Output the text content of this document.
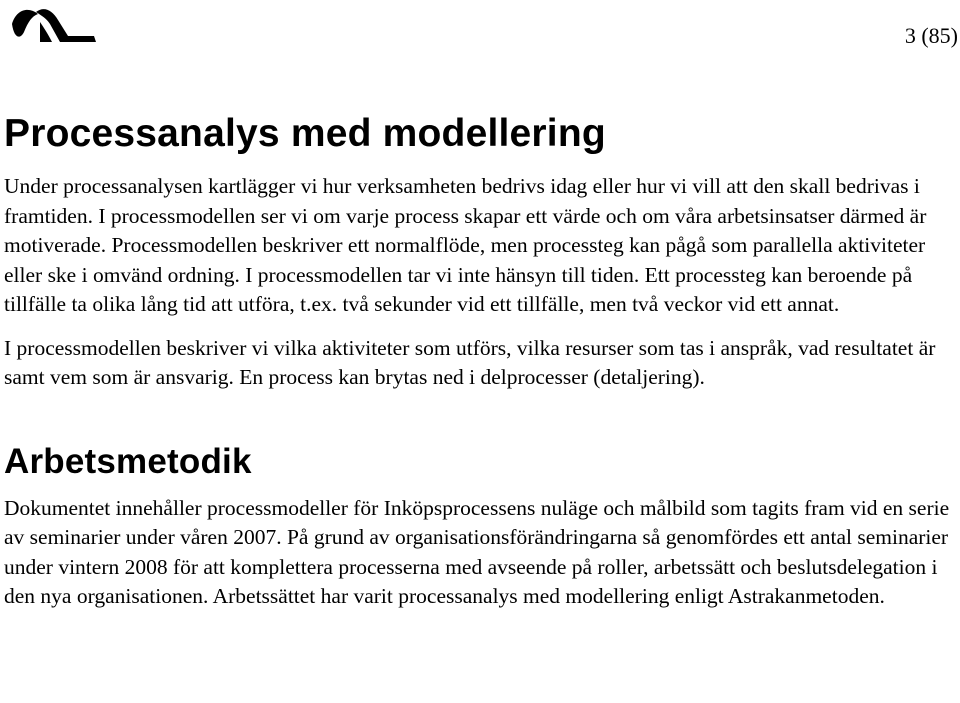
3 (85)
Processanalys med modellering

Under processanalysen kartlägger vi hur verksamheten bedrivs idag eller hur vi vill att den skall bedrivas i framtiden. I processmodellen ser vi om varje process skapar ett värde och om våra arbetsinsatser därmed är motiverade. Processmodellen beskriver ett normalflöde, men processteg kan pågå som parallella aktiviteter eller ske i omvänd ordning. I processmodellen tar vi inte hänsyn till tiden. Ett processteg kan beroende på tillfälle ta olika lång tid att utföra, t.ex. två sekunder vid ett tillfälle, men två veckor vid ett annat.

I processmodellen beskriver vi vilka aktiviteter som utförs, vilka resurser som tas i anspråk, vad resultatet är samt vem som är ansvarig. En process kan brytas ned i delprocesser (detaljering).

Arbetsmetodik

Dokumentet innehåller processmodeller för Inköpsprocessens nuläge och målbild som tagits fram vid en serie av seminarier under våren 2007. På grund av organisationsförändringarna så genomfördes ett antal seminarier under vintern 2008 för att komplettera processerna med avseende på roller, arbetssätt och beslutsdelegation i den nya organisationen. Arbetssättet har varit processanalys med modellering enligt Astrakanmetoden.
